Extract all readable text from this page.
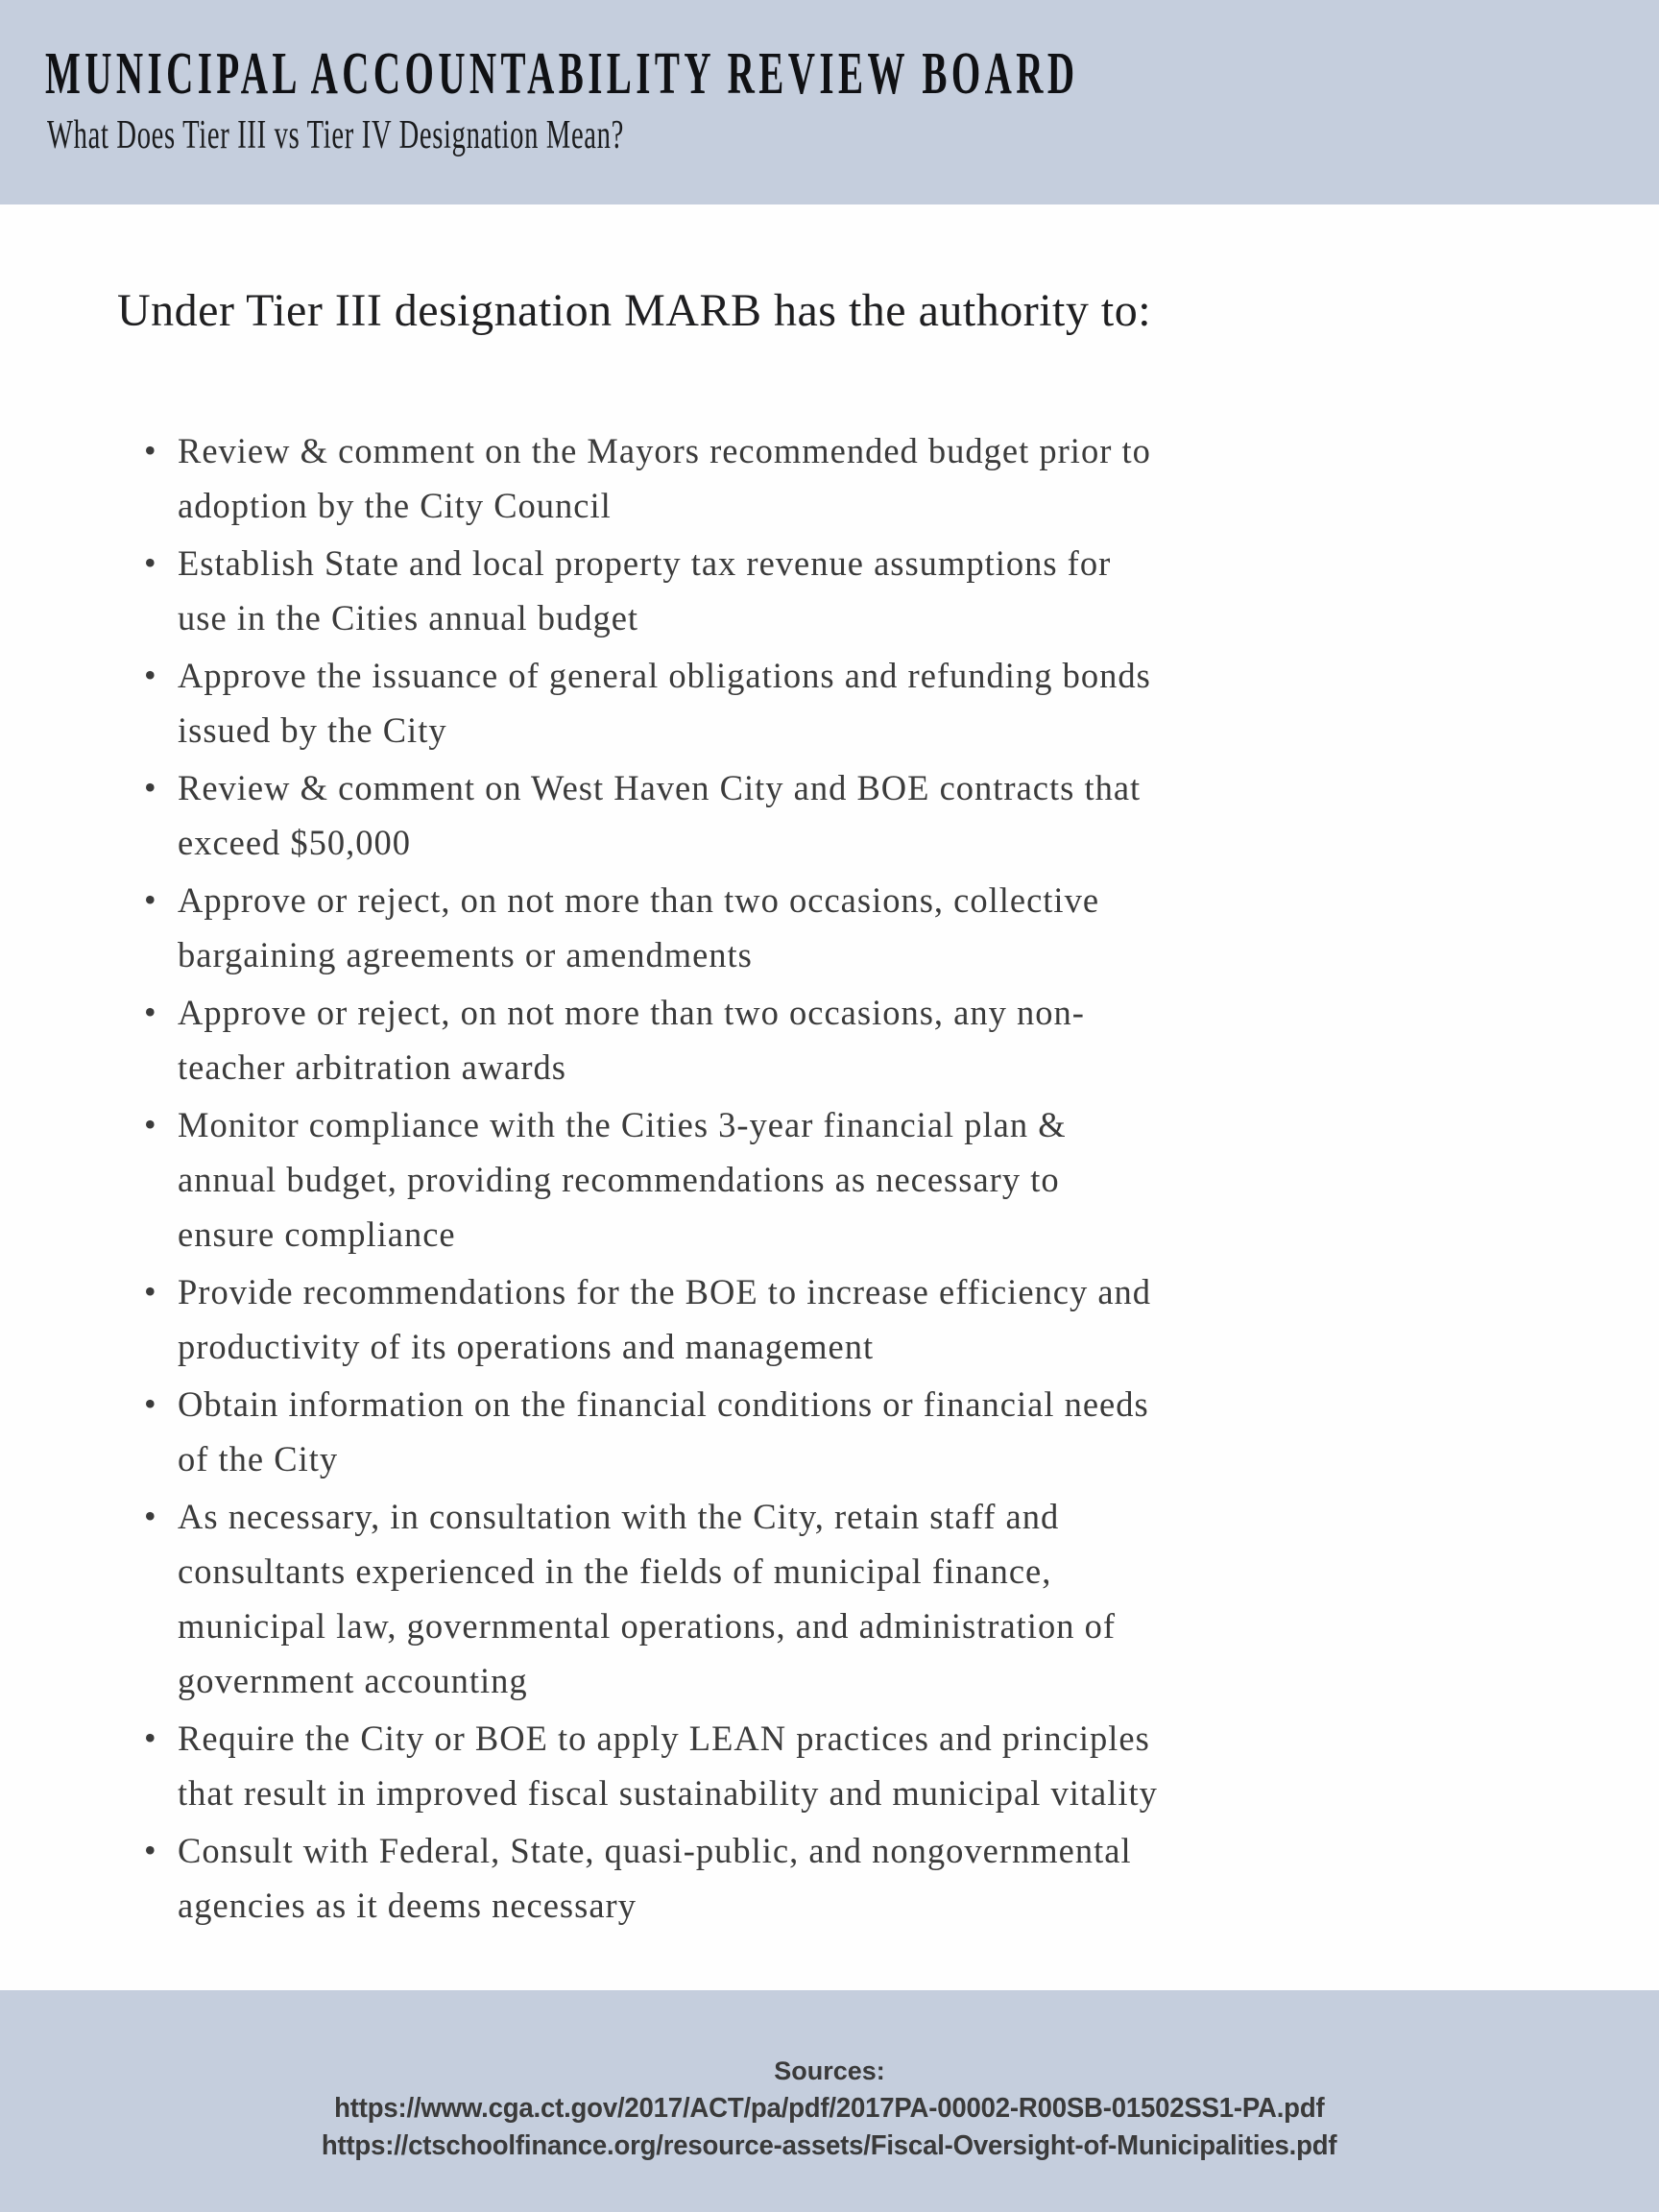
MUNICIPAL ACCOUNTABILITY REVIEW BOARD
What Does Tier III vs Tier IV Designation Mean?
Under Tier III designation MARB has the authority to:
• Review & comment on the Mayors recommended budget prior to
adoption by the City Council
• Establish State and local property tax revenue assumptions for
use in the Cities annual budget
• Approve the issuance of general obligations and refunding bonds
issued by the City
• Review & comment on West Haven City and BOE contracts that
exceed $50,000
• Approve or reject, on not more than two occasions, collective
bargaining agreements or amendments
• Approve or reject, on not more than two occasions, any non-
teacher arbitration awards
• Monitor compliance with the Cities 3-year financial plan &
annual budget, providing recommendations as necessary to
ensure compliance
• Provide recommendations for the BOE to increase efficiency and
productivity of its operations and management
• Obtain information on the financial conditions or financial needs
of the City
• As necessary, in consultation with the City, retain staff and
consultants experienced in the fields of municipal finance,
municipal law, governmental operations, and administration of
government accounting
• Require the City or BOE to apply LEAN practices and principles
that result in improved fiscal sustainability and municipal vitality
• Consult with Federal, State, quasi-public, and nongovernmental
agencies as it deems necessary
Sources:
https://www.cga.ct.gov/2017/ACT/pa/pdf/2017PA-00002-R00SB-01502SS1-PA.pdf
https://ctschoolfinance.org/resource-assets/Fiscal-Oversight-of-Municipalities.pdf
